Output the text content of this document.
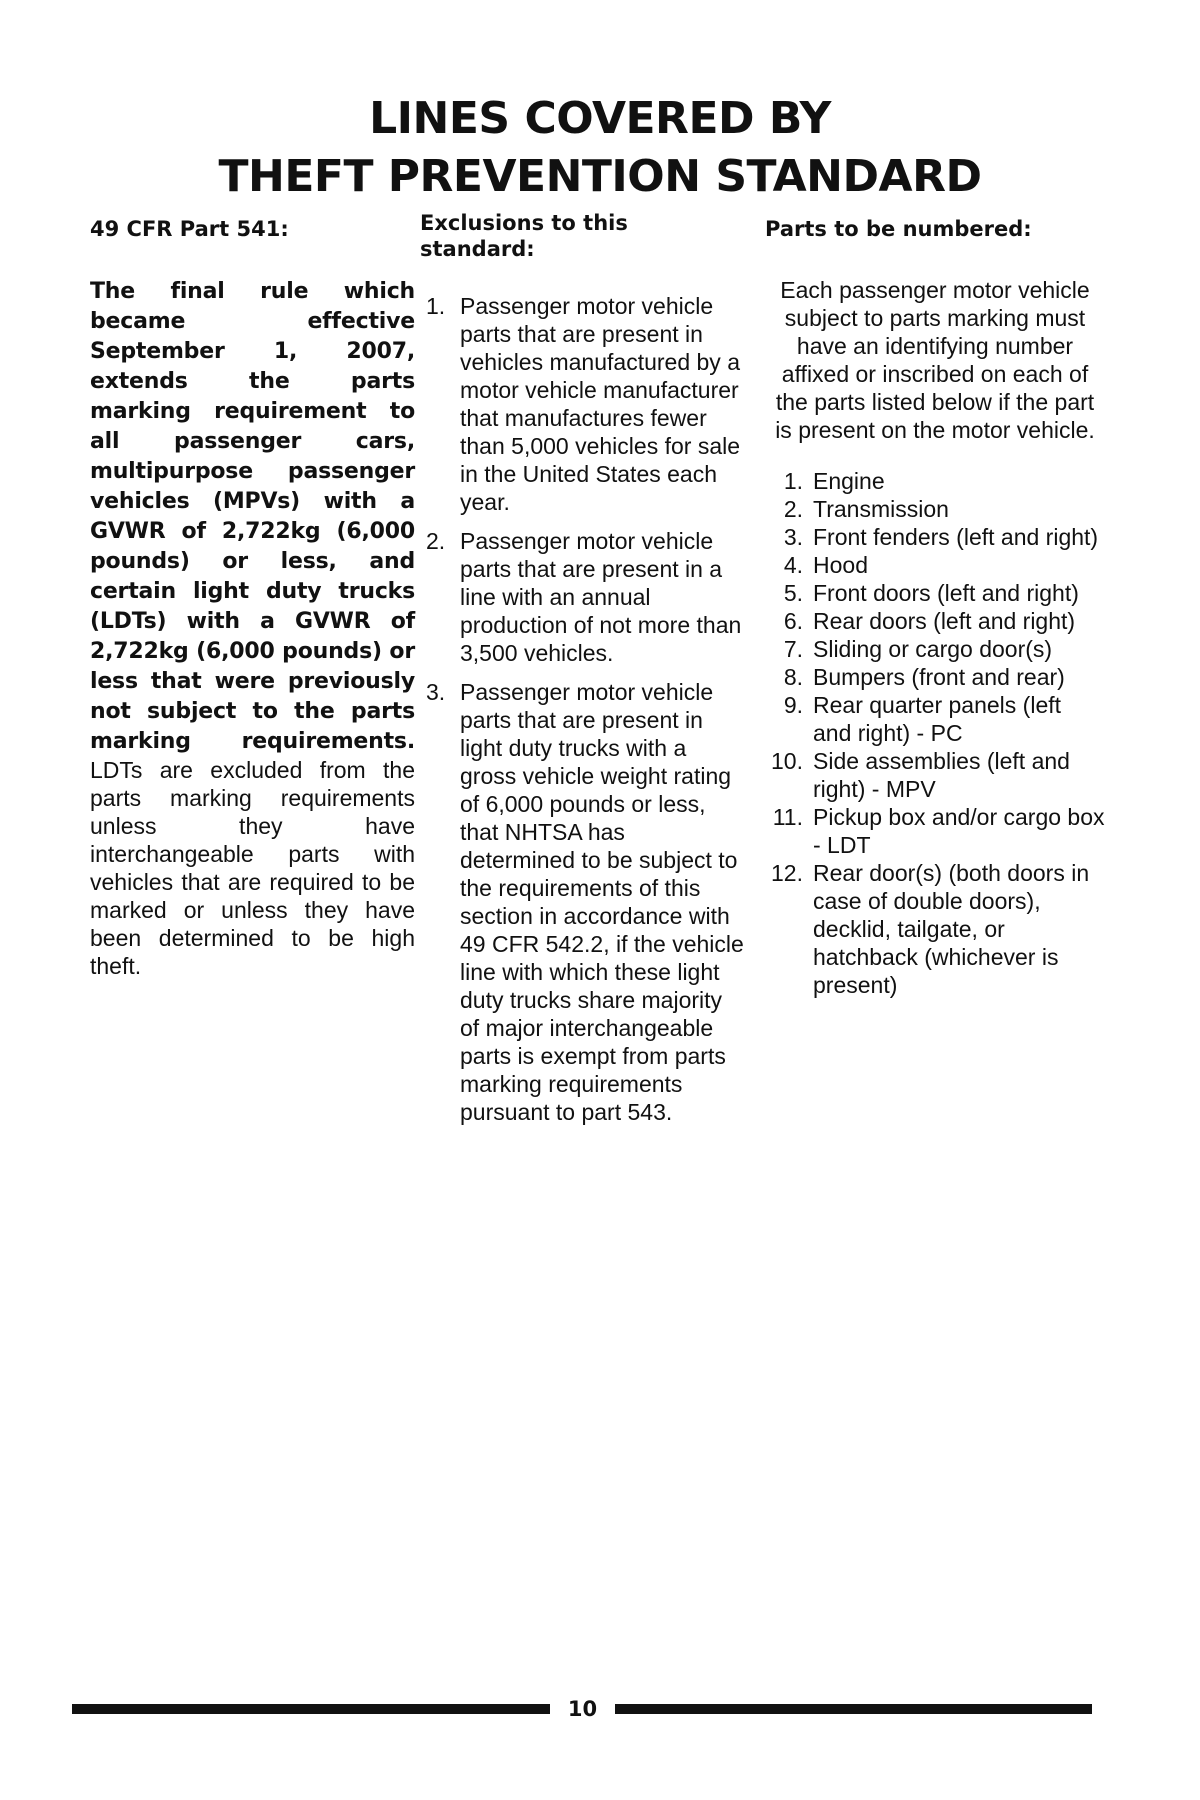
LINES COVERED BY
THEFT PREVENTION STANDARD
49 CFR Part 541:

The final rule which became effective September 1, 2007, extends the parts marking requirement to all passenger cars, multipurpose passenger vehicles (MPVs) with a GVWR of 2,722kg (6,000 pounds) or less, and certain light duty trucks (LDTs) with a GVWR of 2,722kg (6,000 pounds) or less that were previously not subject to the parts marking requirements. LDTs are excluded from the parts marking requirements unless they have interchangeable parts with vehicles that are required to be marked or unless they have been determined to be high theft.

Exclusions to this standard:
1. Passenger motor vehicle parts that are present in vehicles manufactured by a motor vehicle manufacturer that manufactures fewer than 5,000 vehicles for sale in the United States each year.
2. Passenger motor vehicle parts that are present in a line with an annual production of not more than 3,500 vehicles.
3. Passenger motor vehicle parts that are present in light duty trucks with a gross vehicle weight rating of 6,000 pounds or less, that NHTSA has determined to be subject to the requirements of this section in accordance with 49 CFR 542.2, if the vehicle line with which these light duty trucks share majority of major interchangeable parts is exempt from parts marking requirements pursuant to part 543.
Parts to be numbered:

Each passenger motor vehicle subject to parts marking must have an identifying number affixed or inscribed on each of the parts listed below if the part is present on the motor vehicle.

1. Engine
2. Transmission
3. Front fenders (left and right)
4. Hood
5. Front doors (left and right)
6. Rear doors (left and right)
7. Sliding or cargo door(s)
8. Bumpers (front and rear)
9. Rear quarter panels (left and right) - PC
10. Side assemblies (left and right) - MPV
11. Pickup box and/or cargo box - LDT
12. Rear door(s) (both doors in case of double doors), decklid, tailgate, or hatchback (whichever is present)
10
